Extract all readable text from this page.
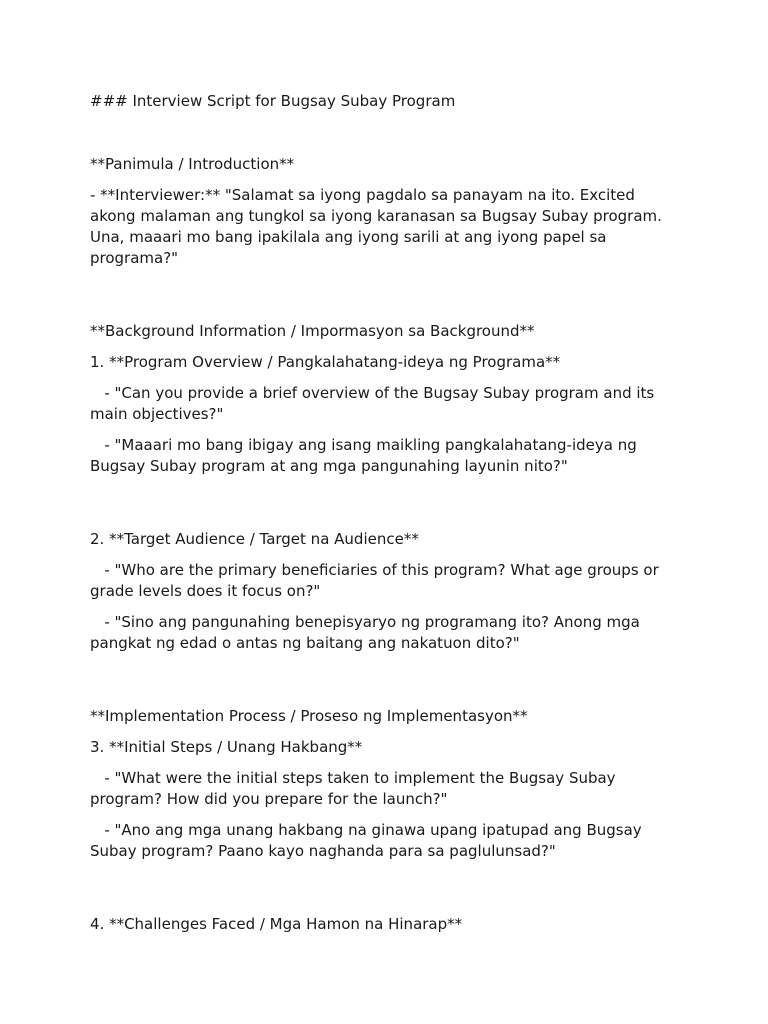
### Interview Script for Bugsay Subay Program

**Panimula / Introduction**

- **Interviewer:** "Salamat sa iyong pagdalo sa panayam na ito. Excited akong malaman ang tungkol sa iyong karanasan sa Bugsay Subay program. Una, maaari mo bang ipakilala ang iyong sarili at ang iyong papel sa programa?"

**Background Information / Impormasyon sa Background**

1. **Program Overview / Pangkalahatang-ideya ng Programa**

- "Can you provide a brief overview of the Bugsay Subay program and its main objectives?"

- "Maaari mo bang ibigay ang isang maikling pangkalahatang-ideya ng Bugsay Subay program at ang mga pangunahing layunin nito?"

2. **Target Audience / Target na Audience**

- "Who are the primary beneficiaries of this program? What age groups or grade levels does it focus on?"

- "Sino ang pangunahing benepisyaryo ng programang ito? Anong mga pangkat ng edad o antas ng baitang ang nakatuon dito?"

**Implementation Process / Proseso ng Implementasyon**

3. **Initial Steps / Unang Hakbang**

- "What were the initial steps taken to implement the Bugsay Subay program? How did you prepare for the launch?"

- "Ano ang mga unang hakbang na ginawa upang ipatupad ang Bugsay Subay program? Paano kayo naghanda para sa paglulunsad?"

4. **Challenges Faced / Mga Hamon na Hinarap**
